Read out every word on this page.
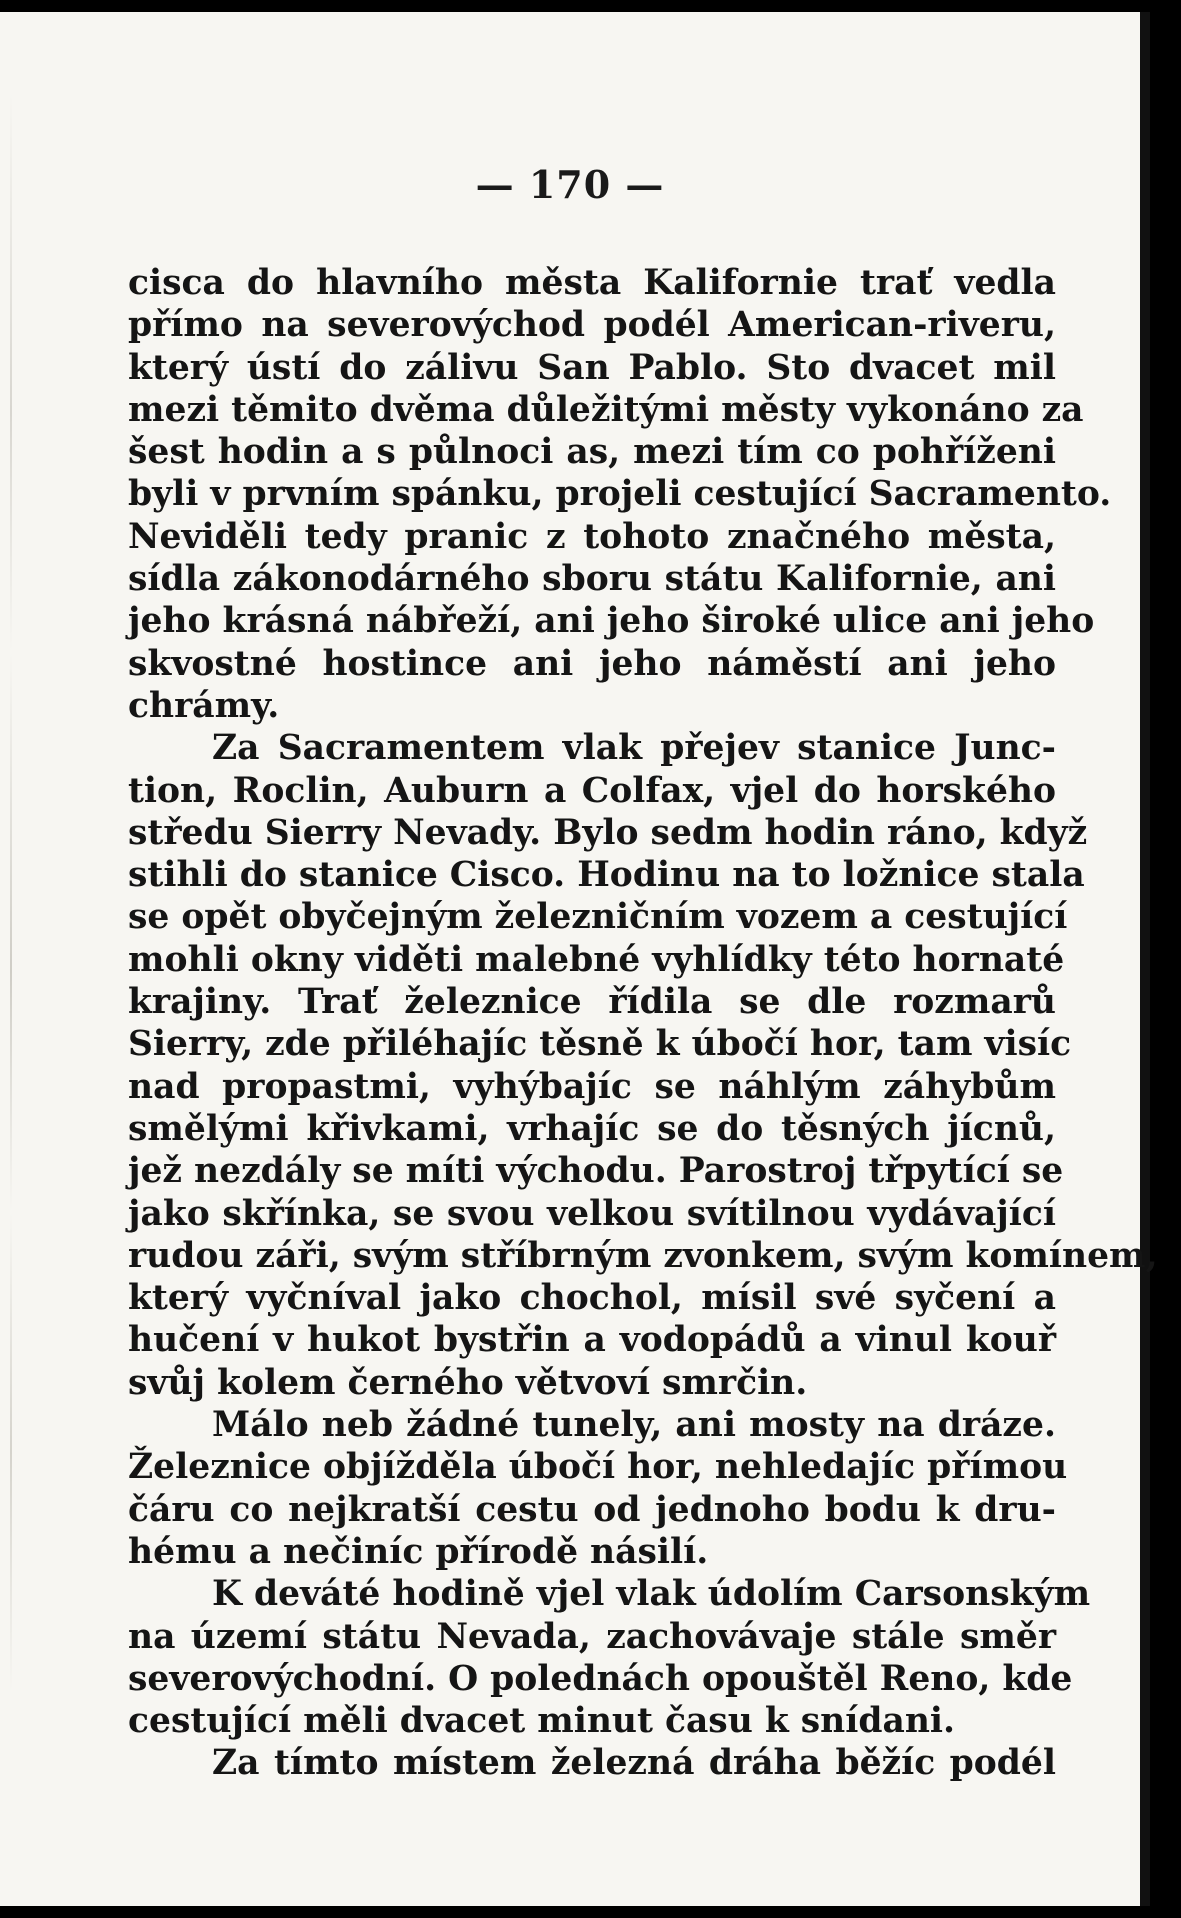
— 170 —
cisca do hlavního města Kalifornie trať vedla
přímo na severovýchod podél American-riveru,
který ústí do zálivu San Pablo. Sto dvacet mil
mezi těmito dvěma důležitými městy vykonáno za
šest hodin a s půlnoci as, mezi tím co pohříženi
byli v prvním spánku, projeli cestující Sacramento.
Neviděli tedy pranic z tohoto značného města,
sídla zákonodárného sboru státu Kalifornie, ani
jeho krásná nábřeží, ani jeho široké ulice ani jeho
skvostné hostince ani jeho náměstí ani jeho
chrámy.
Za Sacramentem vlak přejev stanice Junc-
tion, Roclin, Auburn a Colfax, vjel do horského
středu Sierry Nevady. Bylo sedm hodin ráno, když
stihli do stanice Cisco. Hodinu na to ložnice stala
se opět obyčejným železničním vozem a cestující
mohli okny viděti malebné vyhlídky této hornaté
krajiny. Trať železnice řídila se dle rozmarů
Sierry, zde přiléhajíc těsně k úbočí hor, tam visíc
nad propastmi, vyhýbajíc se náhlým záhybům
smělými křivkami, vrhajíc se do těsných jícnů,
jež nezdály se míti východu. Parostroj třpytící se
jako skřínka, se svou velkou svítilnou vydávající
rudou záři, svým stříbrným zvonkem, svým komínem,
který vyčníval jako chochol, mísil své syčení a
hučení v hukot bystřin a vodopádů a vinul kouř
svůj kolem černého větvoví smrčin.
Málo neb žádné tunely, ani mosty na dráze.
Železnice objížděla úbočí hor, nehledajíc přímou
čáru co nejkratší cestu od jednoho bodu k dru-
hému a nečiníc přírodě násilí.
K deváté hodině vjel vlak údolím Carsonským
na území státu Nevada, zachovávaje stále směr
severovýchodní. O polednách opouštěl Reno, kde
cestující měli dvacet minut času k snídani.
Za tímto místem železná dráha běžíc podél
